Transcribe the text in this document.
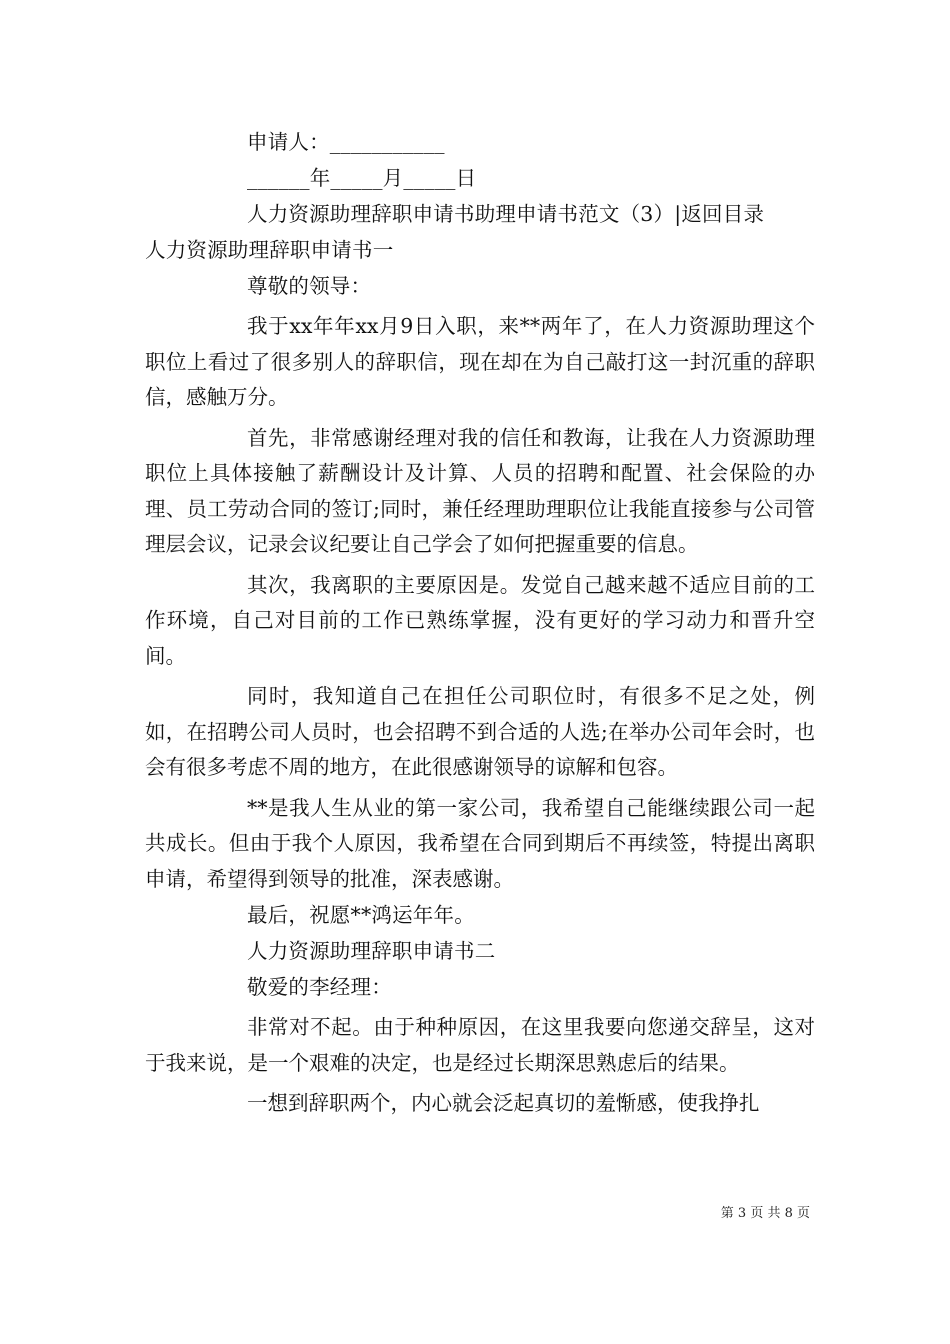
申请人：___________
______年_____月_____日
人力资源助理辞职申请书助理申请书范文（3）|返回目录
人力资源助理辞职申请书一
尊敬的领导：

我于xx年年xx月9日入职，来**两年了，在人力资源助理这个职位上看过了很多别人的辞职信，现在却在为自己敲打这一封沉重的辞职信，感触万分。

首先，非常感谢经理对我的信任和教诲，让我在人力资源助理职位上具体接触了薪酬设计及计算、人员的招聘和配置、社会保险的办理、员工劳动合同的签订;同时，兼任经理助理职位让我能直接参与公司管理层会议，记录会议纪要让自己学会了如何把握重要的信息。

其次，我离职的主要原因是。发觉自己越来越不适应目前的工作环境，自己对目前的工作已熟练掌握，没有更好的学习动力和晋升空间。

同时，我知道自己在担任公司职位时，有很多不足之处，例如，在招聘公司人员时，也会招聘不到合适的人选;在举办公司年会时，也会有很多考虑不周的地方，在此很感谢领导的谅解和包容。

**是我人生从业的第一家公司，我希望自己能继续跟公司一起共成长。但由于我个人原因，我希望在合同到期后不再续签，特提出离职申请，希望得到领导的批准，深表感谢。

最后，祝愿**鸿运年年。
人力资源助理辞职申请书二
敬爱的李经理：

非常对不起。由于种种原因，在这里我要向您递交辞呈，这对于我来说，是一个艰难的决定，也是经过长期深思熟虑后的结果。

一想到辞职两个，内心就会泛起真切的羞惭感，使我挣扎

第 3 页 共 8 页
